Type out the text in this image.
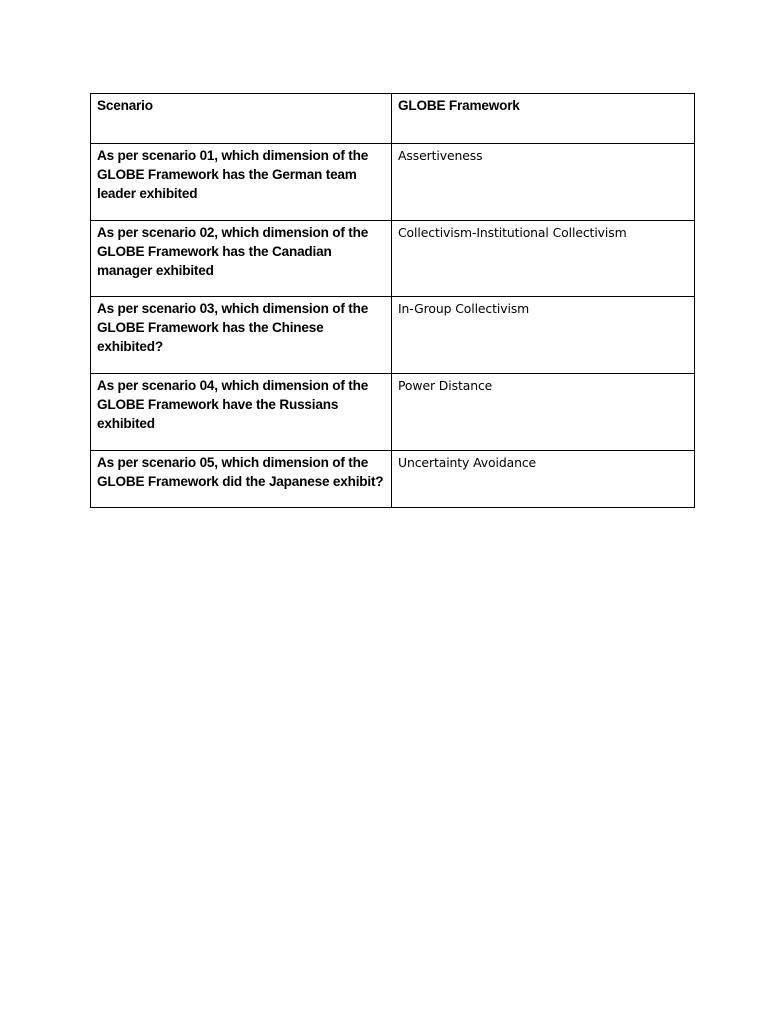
Scenario	GLOBE Framework
As per scenario 01, which dimension of the GLOBE Framework has the German team leader exhibited	Assertiveness
As per scenario 02, which dimension of the GLOBE Framework has the Canadian manager exhibited	Collectivism-Institutional Collectivism
As per scenario 03, which dimension of the GLOBE Framework has the Chinese exhibited?	In-Group Collectivism
As per scenario 04, which dimension of the GLOBE Framework have the Russians exhibited	Power Distance
As per scenario 05, which dimension of the GLOBE Framework did the Japanese exhibit?	Uncertainty Avoidance
